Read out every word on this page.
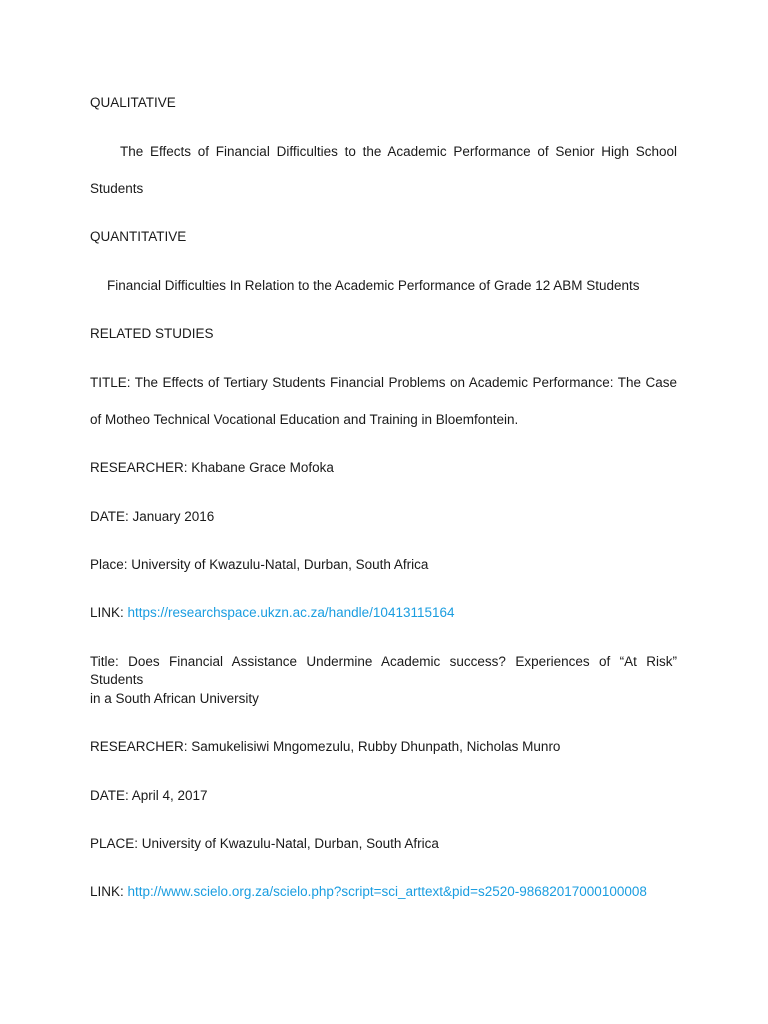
QUALITATIVE
The Effects of Financial Difficulties to the Academic Performance of Senior High School
Students
QUANTITATIVE
Financial Difficulties In Relation to the Academic Performance of Grade 12 ABM Students
RELATED STUDIES
TITLE: The Effects of Tertiary Students Financial Problems on Academic Performance: The Case
of Motheo Technical Vocational Education and Training in Bloemfontein.
RESEARCHER: Khabane Grace Mofoka
DATE: January 2016
Place: University of Kwazulu-Natal, Durban, South Africa
LINK: https://researchspace.ukzn.ac.za/handle/10413115164
Title: Does Financial Assistance Undermine Academic success? Experiences of “At Risk” Students
in a South African University
RESEARCHER: Samukelisiwi Mngomezulu, Rubby Dhunpath, Nicholas Munro
DATE: April 4, 2017
PLACE: University of Kwazulu-Natal, Durban, South Africa
LINK: http://www.scielo.org.za/scielo.php?script=sci_arttext&pid=s2520-98682017000100008
